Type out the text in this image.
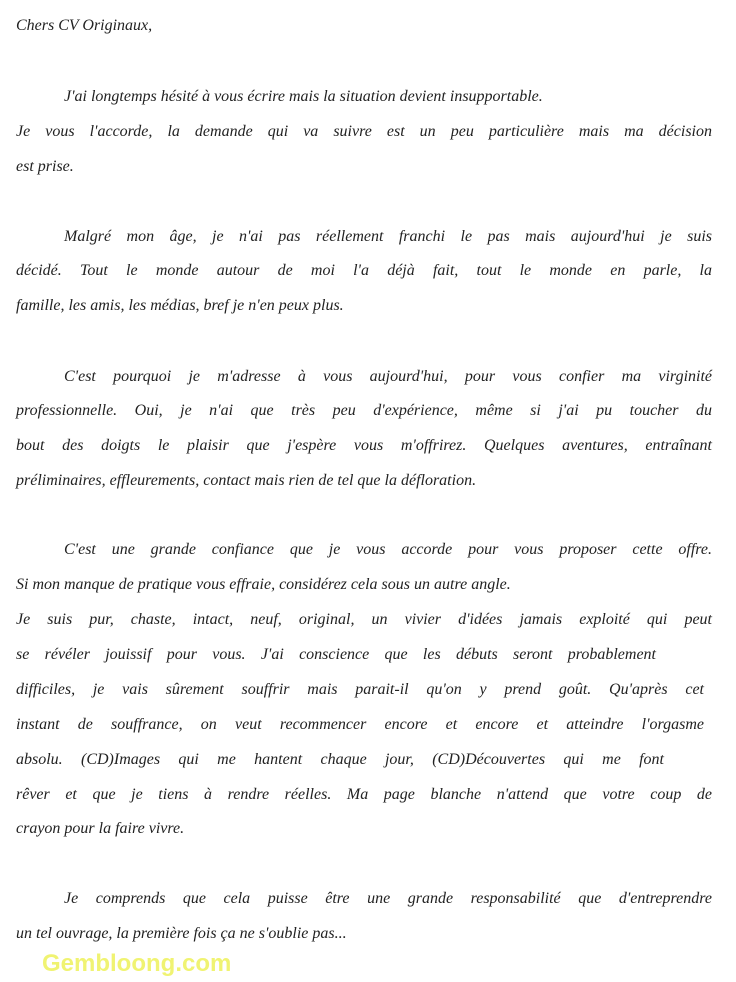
Chers CV Originaux,
J'ai longtemps hésité à vous écrire mais la situation devient insupportable.
Je vous l'accorde, la demande qui va suivre est un peu particulière mais ma décision
est prise.
Malgré mon âge, je n'ai pas réellement franchi le pas mais aujourd'hui je suis
décidé. Tout le monde autour de moi l'a déjà fait, tout le monde en parle, la
famille, les amis, les médias, bref je n'en peux plus.
C'est pourquoi je m'adresse à vous aujourd'hui, pour vous confier ma virginité
professionnelle. Oui, je n'ai que très peu d'expérience, même si j'ai pu toucher du
bout des doigts le plaisir que j'espère vous m'offrirez. Quelques aventures, entraînant
préliminaires, effleurements, contact mais rien de tel que la défloration.
C'est une grande confiance que je vous accorde pour vous proposer cette offre.
Si mon manque de pratique vous effraie, considérez cela sous un autre angle.
Je suis pur, chaste, intact, neuf, original, un vivier d'idées jamais exploité qui peut
se révéler jouissif pour vous. J'ai conscience que les débuts seront probablement
difficiles, je vais sûrement souffrir mais parait-il qu'on y prend goût. Qu'après cet
instant de souffrance, on veut recommencer encore et encore et atteindre l'orgasme
absolu. (CD)Images qui me hantent chaque jour, (CD)Découvertes qui me font
rêver et que je tiens à rendre réelles. Ma page blanche n'attend que votre coup de
crayon pour la faire vivre.
Je comprends que cela puisse être une grande responsabilité que d'entreprendre
un tel ouvrage, la première fois ça ne s'oublie pas...
Gembloong.com
